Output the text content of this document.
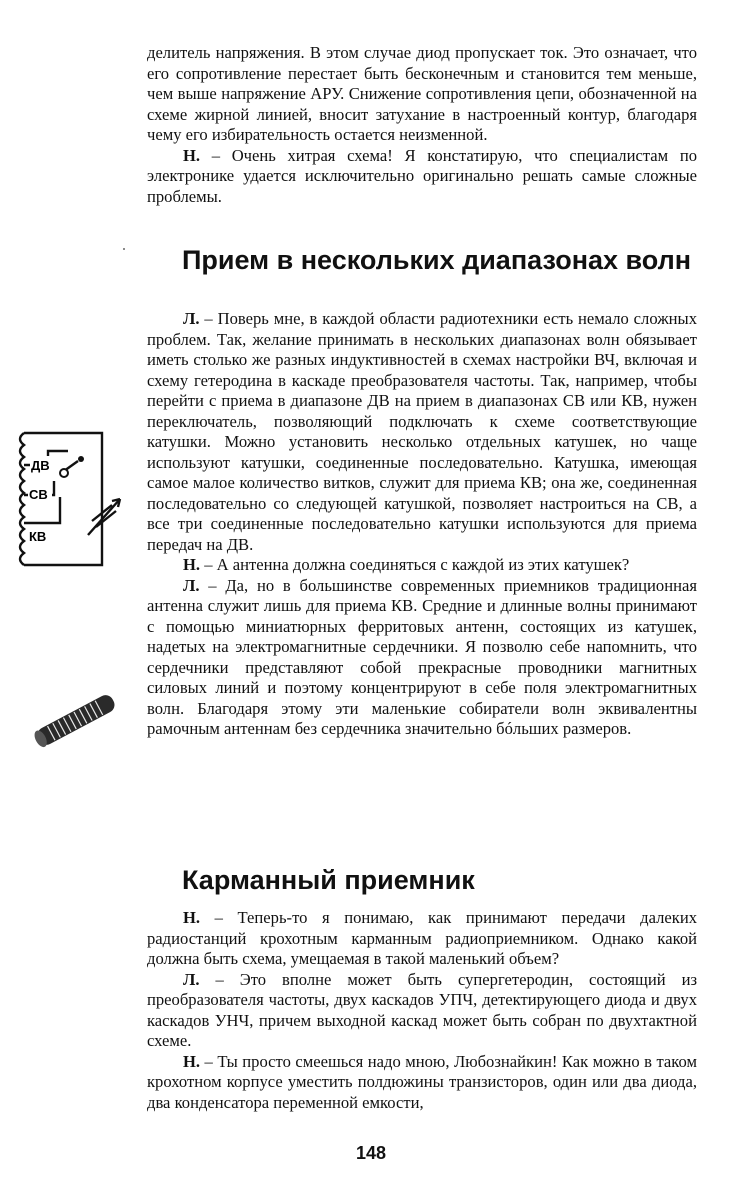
делитель напряжения. В этом случае диод пропускает ток. Это означает, что его сопротивление перестает быть бесконечным и становится тем меньше, чем выше напряжение АРУ. Снижение сопротивления цепи, обозначенной на схеме жирной линией, вносит затухание в настроенный контур, благодаря чему его избирательность остается неизменной.

Н. – Очень хитрая схема! Я констатирую, что специалистам по электронике удается исключительно оригинально решать самые сложные проблемы.

Прием в нескольких диапазонах волн

Л. – Поверь мне, в каждой области радиотехники есть немало сложных проблем. Так, желание принимать в нескольких диапазонах волн обязывает иметь столько же разных индуктивностей в схемах настройки ВЧ, включая и схему гетеродина в каскаде преобразователя частоты. Так, например, чтобы перейти с приема в диапазоне ДВ на прием в диапазонах СВ или КВ, нужен переключатель, позволяющий подключать к схеме соответствующие катушки. Можно установить несколько отдельных катушек, но чаще используют катушки, соединенные последовательно. Катушка, имеющая самое малое количество витков, служит для приема КВ; она же, соединенная последовательно со следующей катушкой, позволяет настроиться на СВ, а все три соединенные последовательно катушки используются для приема передач на ДВ.

Н. – А антенна должна соединяться с каждой из этих катушек?

Л. – Да, но в большинстве современных приемников традиционная антенна служит лишь для приема КВ. Средние и длинные волны принимают с помощью миниатюрных ферритовых антенн, состоящих из катушек, надетых на электромагнитные сердечники. Я позволю себе напомнить, что сердечники представляют собой прекрасные проводники магнитных силовых линий и поэтому концентрируют в себе поля электромагнитных волн. Благодаря этому эти маленькие собиратели волн эквивалентны рамочным антеннам без сердечника значительно бóльших размеров.

Карманный приемник

Н. – Теперь-то я понимаю, как принимают передачи далеких радиостанций крохотным карманным радиоприемником. Однако какой должна быть схема, умещаемая в такой маленький объем?

Л. – Это вполне может быть супергетеродин, состоящий из преобразователя частоты, двух каскадов УПЧ, детектирующего диода и двух каскадов УНЧ, причем выходной каскад может быть собран по двухтактной схеме.

Н. – Ты просто смеешься надо мною, Любознайкин! Как можно в таком крохотном корпусе уместить полдюжины транзисторов, один или два диода, два конденсатора переменной емкости,

ДВ
СВ
КВ
148
